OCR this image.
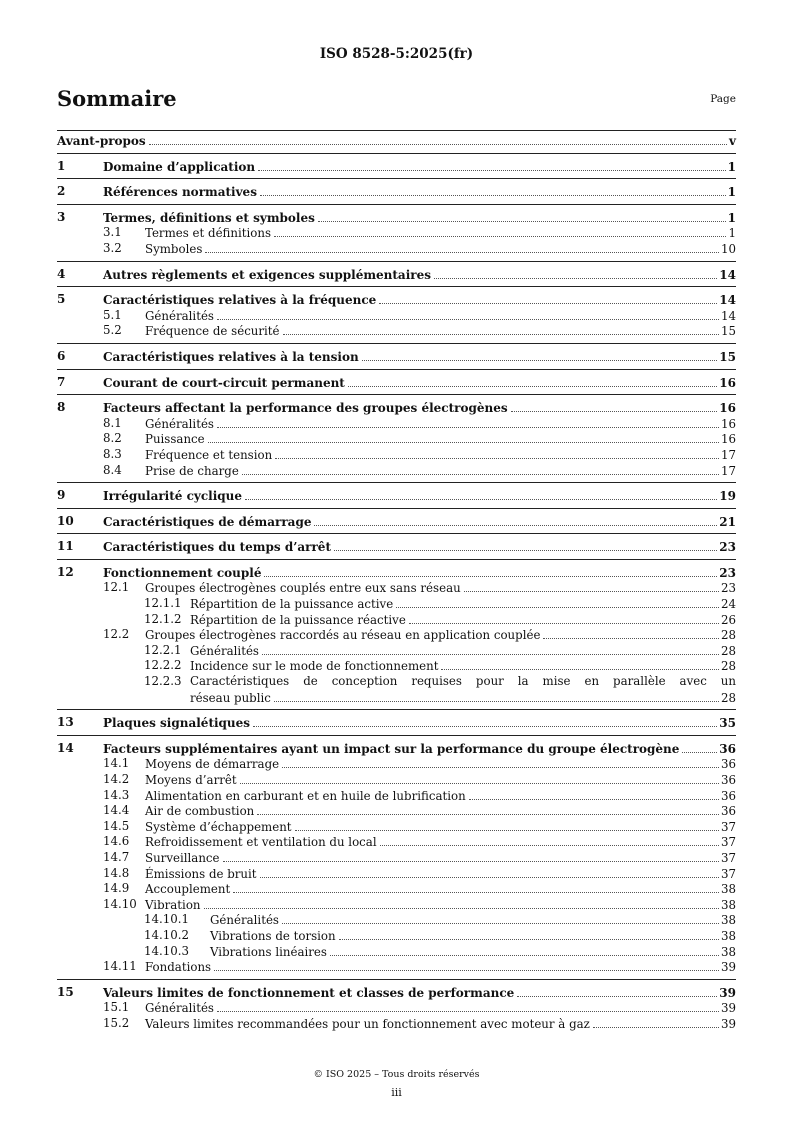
ISO 8528-5:2025(fr)
Sommaire	Page
Avant-propos	v
1	Domaine d’application	1
2	Références normatives	1
3	Termes, définitions et symboles	1
3.1 Termes et définitions	1
3.2 Symboles	10
4	Autres règlements et exigences supplémentaires	14
5	Caractéristiques relatives à la fréquence	14
5.1 Généralités	14
5.2 Fréquence de sécurité	15
6	Caractéristiques relatives à la tension	15
7	Courant de court-circuit permanent	16
8	Facteurs affectant la performance des groupes électrogènes	16
8.1 Généralités	16
8.2 Puissance	16
8.3 Fréquence et tension	17
8.4 Prise de charge	17
9	Irrégularité cyclique	19
10 Caractéristiques de démarrage	21
11 Caractéristiques du temps d’arrêt	23
12 Fonctionnement couplé	23
12.1 Groupes électrogènes couplés entre eux sans réseau	23
12.1.1 Répartition de la puissance active	24
12.1.2 Répartition de la puissance réactive	26
12.2 Groupes électrogènes raccordés au réseau en application couplée	28
12.2.1 Généralités	28
12.2.2 Incidence sur le mode de fonctionnement	28
12.2.3 Caractéristiques de conception requises pour la mise en parallèle avec un
réseau public	28
13 Plaques signalétiques	35
14 Facteurs supplémentaires ayant un impact sur la performance du groupe électrogène	36
14.1 Moyens de démarrage	36
14.2 Moyens d’arrêt	36
14.3 Alimentation en carburant et en huile de lubrification	36
14.4 Air de combustion	36
14.5 Système d’échappement	37
14.6 Refroidissement et ventilation du local	37
14.7 Surveillance	37
14.8 Émissions de bruit	37
14.9 Accouplement	38
14.10 Vibration	38
14.10.1 Généralités	38
14.10.2 Vibrations de torsion	38
14.10.3 Vibrations linéaires	38
14.11 Fondations	39
15 Valeurs limites de fonctionnement et classes de performance	39
15.1 Généralités	39
15.2 Valeurs limites recommandées pour un fonctionnement avec moteur à gaz	39
© ISO 2025 – Tous droits réservés
iii
